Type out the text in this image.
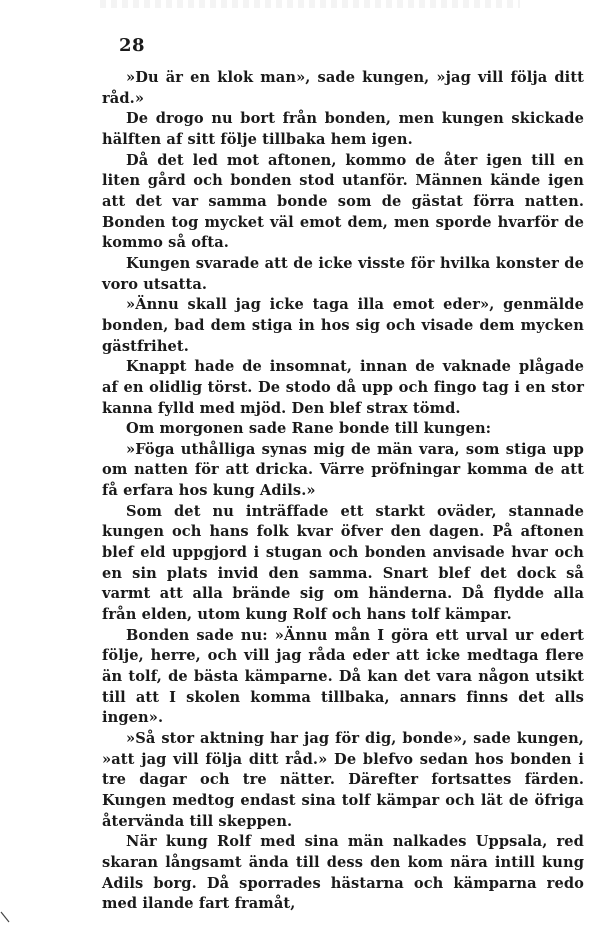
28

»Du är en klok man», sade kungen, »jag vill följa ditt råd.»

De drogo nu bort från bonden, men kungen skickade hälften af sitt följe tillbaka hem igen.

Då det led mot aftonen, kommo de åter igen till en liten gård och bonden stod utanför. Männen kände igen att det var samma bonde som de gästat förra natten. Bonden tog mycket väl emot dem, men sporde hvarför de kommo så ofta.

Kungen svarade att de icke visste för hvilka konster de voro utsatta.

»Ännu skall jag icke taga illa emot eder», genmälde bonden, bad dem stiga in hos sig och visade dem mycken gästfrihet.

Knappt hade de insomnat, innan de vaknade plågade af en olidlig törst. De stodo då upp och fingo tag i en stor kanna fylld med mjöd. Den blef strax tömd.

Om morgonen sade Rane bonde till kungen:

»Föga uthålliga synas mig de män vara, som stiga upp om natten för att dricka. Värre pröfningar komma de att få erfara hos kung Adils.»

Som det nu inträffade ett starkt oväder, stannade kungen och hans folk kvar öfver den dagen. På aftonen blef eld uppgjord i stugan och bonden anvisade hvar och en sin plats invid den samma. Snart blef det dock så varmt att alla brände sig om händerna. Då flydde alla från elden, utom kung Rolf och hans tolf kämpar.

Bonden sade nu: »Ännu mån I göra ett urval ur edert följe, herre, och vill jag råda eder att icke medtaga flere än tolf, de bästa kämparne. Då kan det vara någon utsikt till att I skolen komma tillbaka, annars finns det alls ingen».

»Så stor aktning har jag för dig, bonde», sade kungen, »att jag vill följa ditt råd.» De blefvo sedan hos bonden i tre dagar och tre nätter. Därefter fortsattes färden. Kungen medtog endast sina tolf kämpar och lät de öfriga återvända till skeppen.

När kung Rolf med sina män nalkades Uppsala, red skaran långsamt ända till dess den kom nära intill kung Adils borg. Då sporrades hästarna och kämparna redo med ilande fart framåt,
